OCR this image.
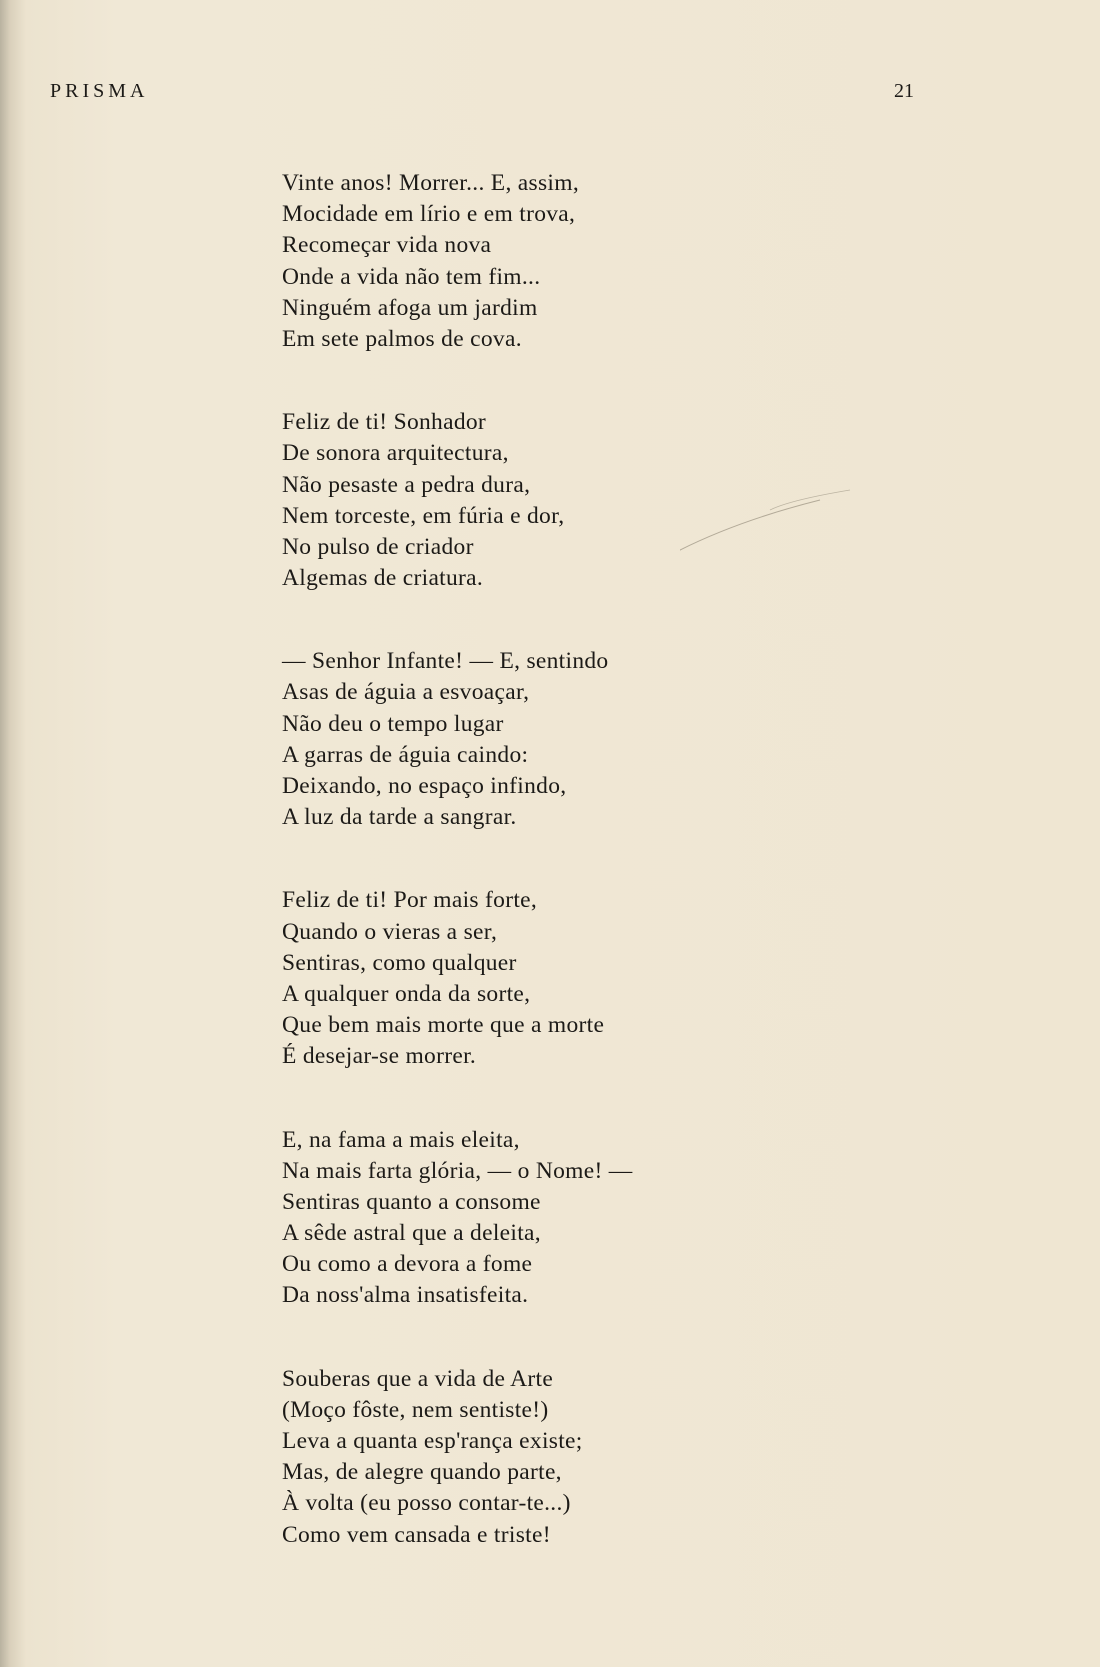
PRISMA	21
Vinte anos! Morrer... E, assim,
Mocidade em lírio e em trova,
Recomeçar vida nova
Onde a vida não tem fim...
Ninguém afoga um jardim
Em sete palmos de cova.
Feliz de ti! Sonhador
De sonora arquitectura,
Não pesaste a pedra dura,
Nem torceste, em fúria e dor,
No pulso de criador
Algemas de criatura.
— Senhor Infante! — E, sentindo
Asas de águia a esvoaçar,
Não deu o tempo lugar
A garras de águia caindo:
Deixando, no espaço infindo,
A luz da tarde a sangrar.
Feliz de ti! Por mais forte,
Quando o vieras a ser,
Sentiras, como qualquer
A qualquer onda da sorte,
Que bem mais morte que a morte
É desejar-se morrer.
E, na fama a mais eleita,
Na mais farta glória, — o Nome! —
Sentiras quanto a consome
A sêde astral que a deleita,
Ou como a devora a fome
Da noss'alma insatisfeita.
Souberas que a vida de Arte
(Moço fôste, nem sentiste!)
Leva a quanta esp'rança existe;
Mas, de alegre quando parte,
À volta (eu posso contar-te...)
Como vem cansada e triste!
